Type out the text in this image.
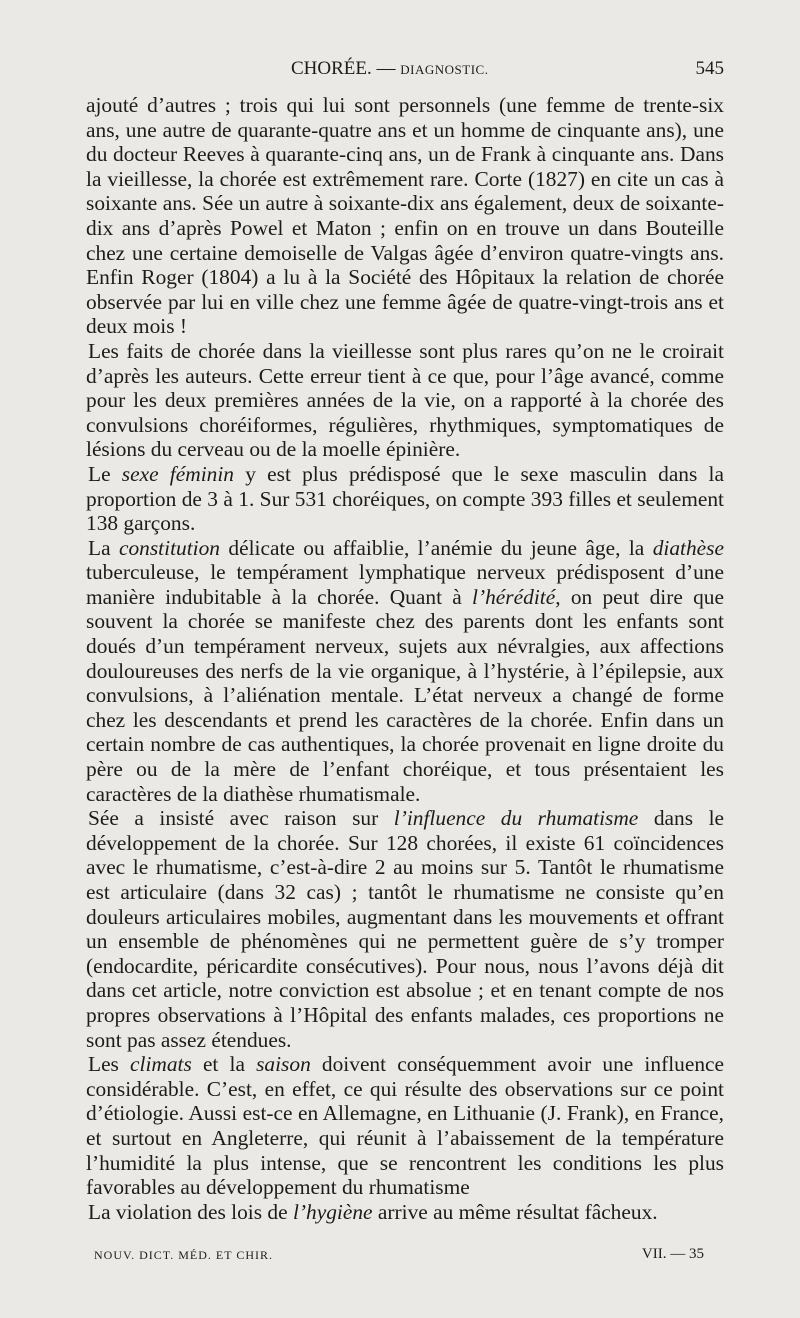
CHORÉE. — DIAGNOSTIC.	545

ajouté d’autres ; trois qui lui sont personnels (une femme de trente-six ans, une autre de quarante-quatre ans et un homme de cinquante ans), une du docteur Reeves à quarante-cinq ans, un de Frank à cinquante ans. Dans la vieillesse, la chorée est extrêmement rare. Corte (1827) en cite un cas à soixante ans. Sée un autre à soixante-dix ans également, deux de soixante-dix ans d’après Powel et Maton ; enfin on en trouve un dans Bouteille chez une certaine demoiselle de Valgas âgée d’environ quatre-vingts ans. Enfin Roger (1804) a lu à la Société des Hôpitaux la relation de chorée observée par lui en ville chez une femme âgée de quatre-vingt-trois ans et deux mois !

Les faits de chorée dans la vieillesse sont plus rares qu’on ne le croirait d’après les auteurs. Cette erreur tient à ce que, pour l’âge avancé, comme pour les deux premières années de la vie, on a rapporté à la chorée des convulsions choréiformes, régulières, rhythmiques, symptomatiques de lésions du cerveau ou de la moelle épinière.

Le sexe féminin y est plus prédisposé que le sexe masculin dans la proportion de 3 à 1. Sur 531 choréiques, on compte 393 filles et seulement 138 garçons.

La constitution délicate ou affaiblie, l’anémie du jeune âge, la diathèse tuberculeuse, le tempérament lymphatique nerveux prédisposent d’une manière indubitable à la chorée. Quant à l’hérédité, on peut dire que souvent la chorée se manifeste chez des parents dont les enfants sont doués d’un tempérament nerveux, sujets aux névralgies, aux affections douloureuses des nerfs de la vie organique, à l’hystérie, à l’épilepsie, aux convulsions, à l’aliénation mentale. L’état nerveux a changé de forme chez les descendants et prend les caractères de la chorée. Enfin dans un certain nombre de cas authentiques, la chorée provenait en ligne droite du père ou de la mère de l’enfant choréique, et tous présentaient les caractères de la diathèse rhumatismale.

Sée a insisté avec raison sur l’influence du rhumatisme dans le développement de la chorée. Sur 128 chorées, il existe 61 coïncidences avec le rhumatisme, c’est-à-dire 2 au moins sur 5. Tantôt le rhumatisme est articulaire (dans 32 cas) ; tantôt le rhumatisme ne consiste qu’en douleurs articulaires mobiles, augmentant dans les mouvements et offrant un ensemble de phénomènes qui ne permettent guère de s’y tromper (endocardite, péricardite consécutives). Pour nous, nous l’avons déjà dit dans cet article, notre conviction est absolue ; et en tenant compte de nos propres observations à l’Hôpital des enfants malades, ces proportions ne sont pas assez étendues.

Les climats et la saison doivent conséquemment avoir une influence considérable. C’est, en effet, ce qui résulte des observations sur ce point d’étiologie. Aussi est-ce en Allemagne, en Lithuanie (J. Frank), en France, et surtout en Angleterre, qui réunit à l’abaissement de la température l’humidité la plus intense, que se rencontrent les conditions les plus favorables au développement du rhumatisme

La violation des lois de l’hygiène arrive au même résultat fâcheux.

NOUV. DICT. MÉD. ET CHIR.	VII. — 35
